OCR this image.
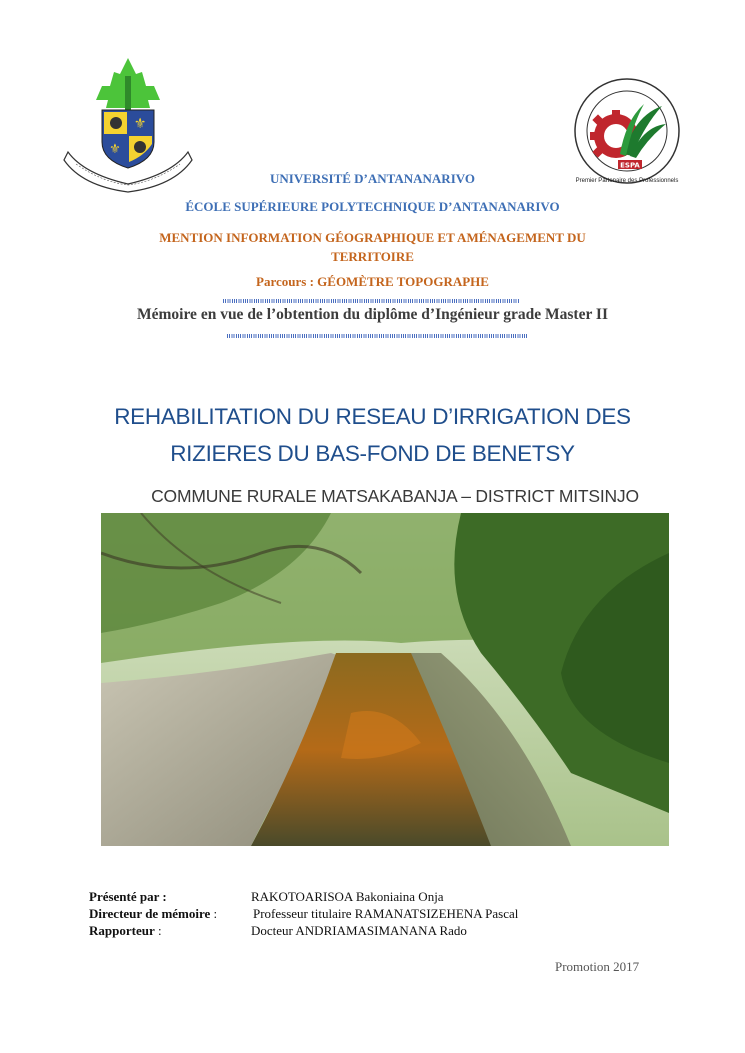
⚜
⚜
ESPA
Premier Partenaire des Professionnels
UNIVERSITÉ D’ANTANANARIVO
ÉCOLE SUPÉRIEURE POLYTECHNIQUE D’ANTANANARIVO
MENTION INFORMATION GÉOGRAPHIQUE ET AMÉNAGEMENT DU TERRITOIRE
Parcours : GÉOMÈTRE TOPOGRAPHE
Mémoire en vue de l’obtention du diplôme d’Ingénieur grade Master II
REHABILITATION DU RESEAU D’IRRIGATION DES
RIZIERES DU BAS-FOND DE BENETSY
COMMUNE RURALE MATSAKABANJA – DISTRICT MITSINJO
Présenté par :	RAKOTOARISOA Bakoniaina Onja
Directeur de mémoire :	Professeur titulaire RAMANATSIZEHENA Pascal
Rapporteur :	Docteur ANDRIAMASIMANANA Rado
Promotion 2017
